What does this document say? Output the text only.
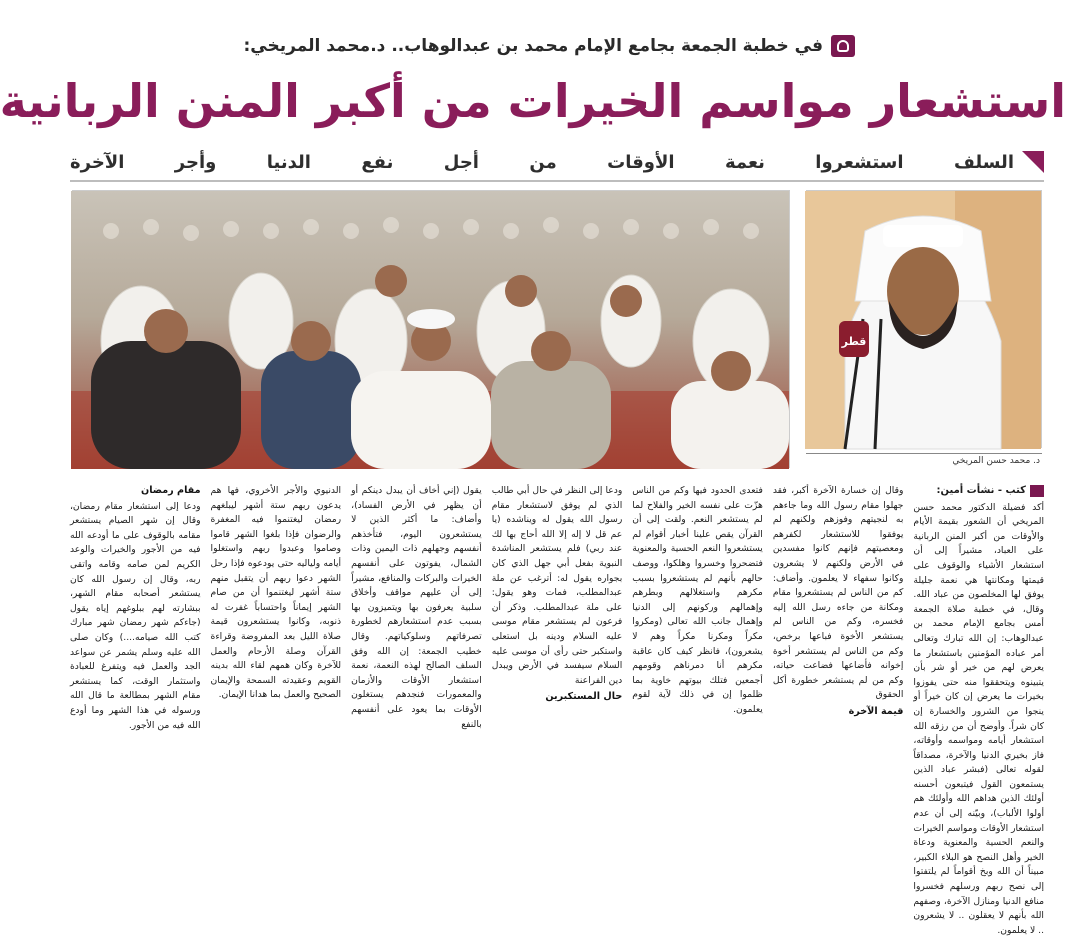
في خطبة الجمعة بجامع الإمام محمد بن عبدالوهاب.. د.محمد المريخي:
استشعار مواسم الخيرات من أكبر المنن الربانية
السلف استشعروا نعمة الأوقات من أجل نفع الدنيا وأجر الآخرة
قطر
د. محمد حسن المريخي
كتب - نشأت أمين:

أكد فضيلة الدكتور محمد حسن المريخي أن الشعور بقيمة الأيام والأوقات من أكبر المنن الربانية على العباد، مشيراً إلى أن استشعار الأشياء والوقوف على قيمتها ومكانتها هي نعمة جليلة يوفق لها المخلصون من عباد الله. وقال، في خطبة صلاة الجمعة أمس بجامع الإمام محمد بن عبدالوهاب: إن الله تبارك وتعالى أمر عباده المؤمنين باستشعار ما يعرض لهم من خير أو شر بأن يتبينوه ويتحققوا منه حتى يفوزوا بخيرات ما يعرض إن كان خيراً أو ينجوا من الشرور والخسارة إن كان شراً. وأوضح أن من رزقه الله استشعار أيامه ومواسمه وأوقاته، فاز بخيري الدنيا والآخرة، مصداقاً لقوله تعالى (فبشر عباد الذين يستمعون القول فيتبعون أحسنه أولئك الذين هداهم الله وأولئك هم أولوا الألباب)، وبيّنه إلى أن عدم استشعار الأوقات ومواسم الخيرات والنعم الحسية والمعنوية ودعاة الخير وأهل النصح هو البلاء الكبير، مبيناً أن الله وبخ أقواماً لم يلتفتوا إلى نصح ربهم ورسلهم فخسروا منافع الدنيا ومنازل الآخرة، وصفهم الله بأنهم لا يعقلون .. لا يشعرون .. لا يعلمون.

وقال إن خسارة الآخرة أكبر، فقد جهلوا مقام رسول الله وما جاءهم به لنجيتهم وفوزهم ولكنهم لم يوفقوا للاستشعار لكفرهم ومعصيتهم فإنهم كانوا مفسدين في الأرض ولكنهم لا يشعرون وكانوا سفهاء لا يعلمون. وأضاف: كم من الناس لم يستشعروا مقام ومكانة من جاءه رسل الله إليه فخسره، وكم من الناس لم يستشعر الأخوة فباعها برخص، وكم من الناس لم يستشعر أخوة إخوانه فأضاعها فضاعت حياته، وكم من لم يستشعر خطورة أكل الحقوق

قيمة الآخرة

فتعدى الحدود فيها وكم من الناس هزّت على نفسه الخير والفلاح لما لم يستشعر النعم. ولقت إلى أن القرآن يقص علينا أخبار أقوام لم يستشعروا النعم الحسية والمعنوية فتضحروا وخسروا وهلكوا، ووصف حالهم بأنهم لم يستشعروا بسبب مكرهم واستغلالهم وبطرهم وإهمالهم وركونهم إلى الدنيا وإهمال جانب الله تعالى (ومكروا مكراً ومكرنا مكراً وهم لا يشعرون)، فانظر كيف كان عاقبة مكرهم أنا دمرناهم وقومهم أجمعين فتلك بيوتهم خاوية بما ظلموا إن في ذلك لآية لقوم يعلمون.

ودعا إلى النظر في حال أبي طالب الذي لم يوفق لاستشعار مقام رسول الله يقول له ويناشده (يا عم قل لا إله إلا الله أحاج بها لك عند ربي) فلم يستشعر المناشدة النبوية بفعل أبي جهل الذي كان بجواره يقول له: أترغب عن ملة عبدالمطلب، فمات وهو يقول: على ملة عبدالمطلب. وذكر أن فرعون لم يستشعر مقام موسى عليه السلام ودينه بل استعلى واستكبر حتى رأى أن موسى عليه السلام سيفسد في الأرض ويبدل دين الفراعنة

حال المستكبرين

يقول (إني أخاف أن يبدل دينكم أو أن يظهر في الأرض الفساد)، وأضاف: ما أكثر الذين لا يستشعرون اليوم، فتأخذهم أنفسهم وجهلهم ذات اليمين وذات الشمال، يفوتون على أنفسهم الخيرات والبركات والمنافع، مشيراً إلى أن عليهم مواقف وأخلاق سلبية يعرفون بها ويتميزون بها بسبب عدم استشعارهم لخطورة تصرفاتهم وسلوكياتهم. وقال خطيب الجمعة: إن الله وفق السلف الصالح لهذه النعمة، نعمة استشعار الأوقات والأزمان والمعمورات فنجدهم يستغلون الأوقات بما يعود على أنفسهم بالنفع

الدنيوي والأجر الأخروي، فها هم يدعون ربهم ستة أشهر ليبلغهم رمضان ليغتنموا فيه المغفرة والرضوان فإذا بلغوا الشهر قاموا وصاموا وعبدوا ربهم واستغلوا أيامه ولياليه حتى يودعوه فإذا رحل الشهر دعوا ربهم أن يتقبل منهم ستة أشهر ليغتنموا أن من صام الشهر إيماناً واحتساباً غفرت له ذنوبه، وكانوا يستشعرون قيمة صلاة الليل بعد المفروضة وقراءة القرآن وصلة الأرحام والعمل للآخرة وكان همهم لقاء الله بدينه القويم وعقيدته السمحة والإيمان الصحيح والعمل بما هدانا الإيمان.

مقام رمضان

ودعا إلى استشعار مقام رمضان، وقال إن شهر الصيام يستشعر مقامه بالوقوف على ما أودعه الله فيه من الأجور والخيرات والوعد الكريم لمن صامه وقامه واتقى ربه، وقال إن رسول الله كان يستشعر أصحابه مقام الشهر، ببشارته لهم ببلوغهم إياه يقول (جاءكم شهر رمضان شهر مبارك كتب الله صيامه....) وكان صلى الله عليه وسلم يشمر عن سواعد الجد والعمل فيه ويتفرغ للعبادة واستثمار الوقت، كما يستشعر مقام الشهر بمطالعة ما قال الله ورسوله في هذا الشهر وما أودع الله فيه من الأجور.
